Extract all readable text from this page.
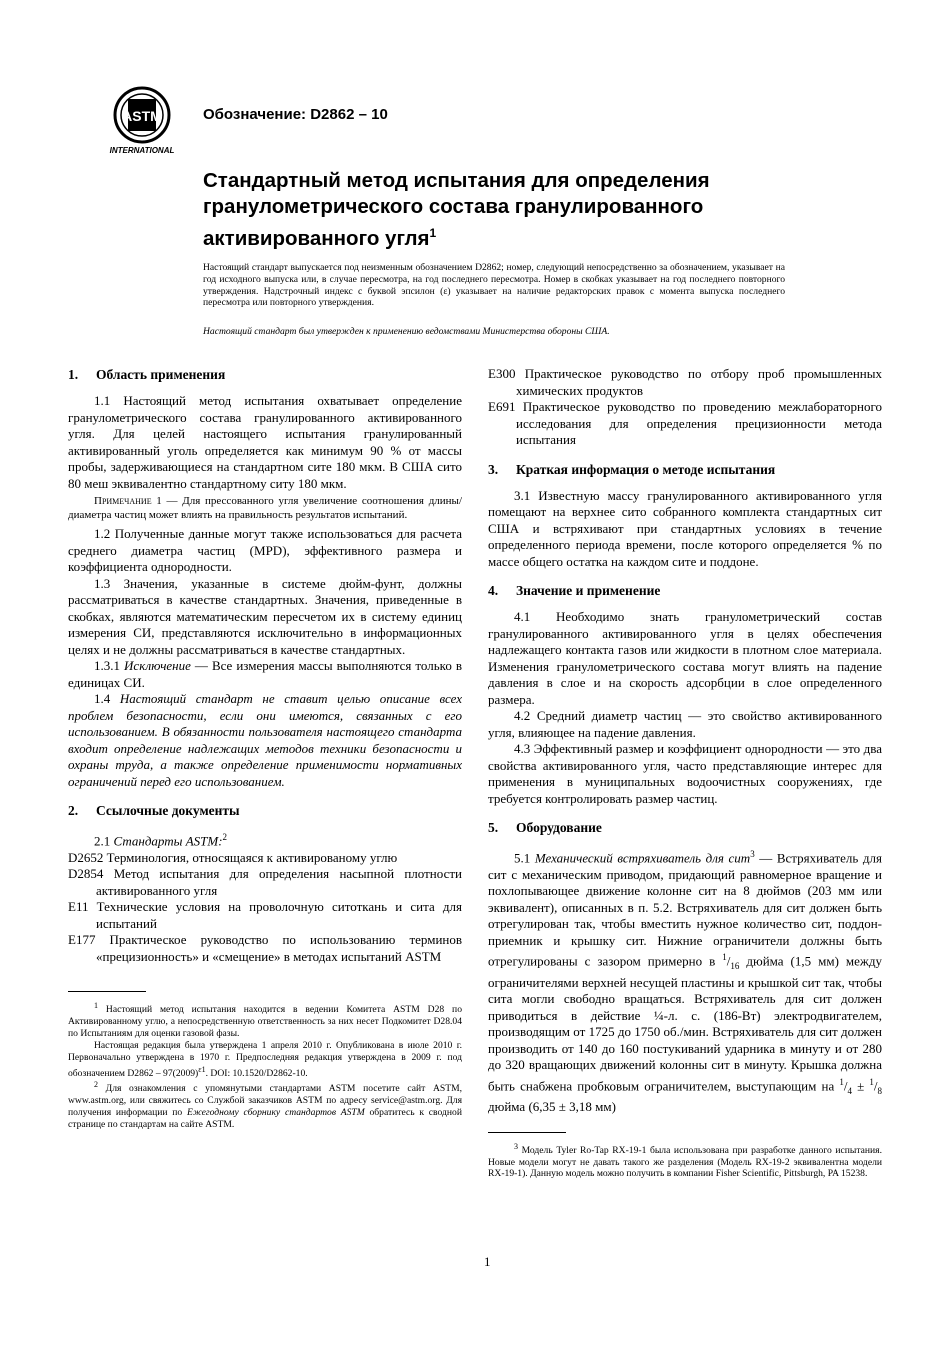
ASTM
INTERNATIONAL
Обозначение: D2862 – 10
Стандартный метод испытания для определения гранулометрического состава гранулированного активированного угля$^1$
Настоящий стандарт выпускается под неизменным обозначением D2862; номер, следующий непосредственно за обозначением, указывает на год исходного выпуска или, в случае пересмотра, на год последнего пересмотра. Номер в скобках указывает на год последнего повторного утверждения. Надстрочный индекс с буквой эпсилон (ε) указывает на наличие редакторских правок с момента выпуска последнего пересмотра или повторного утверждения.
Настоящий стандарт был утвержден к применению ведомствами Министерства обороны США.
1. Область применения

1.1 Настоящий метод испытания охватывает определение гранулометрического состава гранулированного активированного угля. Для целей настоящего испытания гранулированный активированный уголь определяется как минимум 90 % от массы пробы, задерживающиеся на стандартном сите 180 мкм. В США сито 80 меш эквивалентно стандартному ситу 180 мкм.

Примечание 1 — Для прессованного угля увеличение соотношения длины/диаметра частиц может влиять на правильность результатов испытаний.

1.2 Полученные данные могут также использоваться для расчета среднего диаметра частиц (MPD), эффективного размера и коэффициента однородности.

1.3 Значения, указанные в системе дюйм-фунт, должны рассматриваться в качестве стандартных. Значения, приведенные в скобках, являются математическим пересчетом их в систему единиц измерения СИ, представляются исключительно в информационных целях и не должны рассматриваться в качестве стандартных.

1.3.1 Исключение — Все измерения массы выполняются только в единицах СИ.

1.4 Настоящий стандарт не ставит целью описание всех проблем безопасности, если они имеются, связанных с его использованием. В обязанности пользователя настоящего стандарта входит определение надлежащих методов техники безопасности и охраны труда, а также определение применимости нормативных ограничений перед его использованием.

2. Ссылочные документы

2.1 Стандарты ASTM:$^2$

D2652 Терминология, относящаяся к активированому углю

D2854 Метод испытания для определения насыпной плотности активированного угля

E11 Технические условия на проволочную ситоткань и сита для испытаний

E177 Практическое руководство по использованию терминов «прецизионность» и «смещение» в методах испытаний ASTM

$^1$ Настоящий метод испытания находится в ведении Комитета ASTM D28 по Активированному углю, а непосредственную ответственность за них несет Подкомитет D28.04 по Испытаниям для оценки газовой фазы.

Настоящая редакция была утверждена 1 апреля 2010 г. Опубликована в июле 2010 г. Первоначально утверждена в 1970 г. Предпоследняя редакция утверждена в 2009 г. под обозначением $D2862 - 97(2009)^{\varepsilon 1}$. DOI: 10.1520/D2862-10.

$^2$ Для ознакомления с упомянутыми стандартами ASTM посетите сайт ASTM, www.astm.org, или свяжитесь со Службой заказчиков ASTM по адресу service@astm.org. Для получения информации по Ежегодному сборнику стандартов ASTM обратитесь к сводной странице по стандартам на сайте ASTM.

E300 Практическое руководство по отбору проб промышленных химических продуктов

E691 Практическое руководство по проведению межлабораторного исследования для определения прецизионности метода испытания

3. Краткая информация о методе испытания

3.1 Известную массу гранулированного активированного угля помещают на верхнее сито собранного комплекта стандартных сит США и встряхивают при стандартных условиях в течение определенного периода времени, после которого определяется % по массе общего остатка на каждом сите и поддоне.

4. Значение и применение

4.1 Необходимо знать гранулометрический состав гранулированного активированного угля в целях обеспечения надлежащего контакта газов или жидкости в плотном слое материала. Изменения гранулометрического состава могут влиять на падение давления в слое и на скорость адсорбции в слое определенного размера.

4.2 Средний диаметр частиц — это свойство активированного угля, влияющее на падение давления.

4.3 Эффективный размер и коэффициент однородности — это два свойства активированного угля, часто представляющие интерес для применения в муниципальных водоочистных сооружениях, где требуется контролировать размер частиц.

5. Оборудование

5.1 Механический встряхиватель для сит$^3$ — Встряхиватель для сит с механическим приводом, придающий равномерное вращение и похлопывающее движение колонне сит на 8 дюймов (203 мм или эквивалент), описанных в п. 5.2. Встряхиватель для сит должен быть отрегулирован так, чтобы вместить нужное количество сит, поддон-приемник и крышку сит. Нижние ограничители должны быть отрегулированы с зазором примерно в $^1/_{16}$ дюйма (1,5 мм) между ограничителями верхней несущей пластины и крышкой сит так, чтобы сита могли свободно вращаться. Встряхиватель для сит должен приводиться в действие ¼-л. с. (186-Вт) электродвигателем, производящим от 1725 до 1750 об./мин. Встряхиватель для сит должен производить от 140 до 160 постукиваний ударника в минуту и от 280 до 320 вращающих движений колонны сит в минуту. Крышка должна быть снабжена пробковым ограничителем, выступающим на $^1/_4 \pm ^1/_8$ дюйма (6,35 ± 3,18 мм)

$^3$ Модель Tyler Ro-Tap RX-19-1 была использована при разработке данного испытания. Новые модели могут не давать такого же разделения (Модель RX-19-2 эквивалентна модели RX-19-1). Данную модель можно получить в компании Fisher Scientific, Pittsburgh, PA 15238.

1
